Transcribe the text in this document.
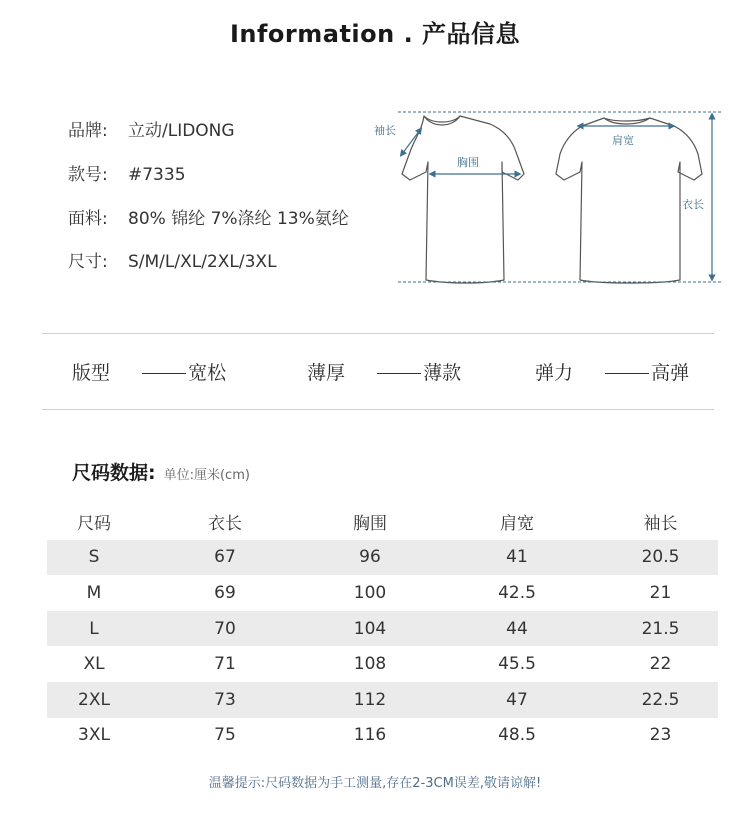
Information . 产品信息
品牌: 立动/LIDONG
款号: #7335
面料: 80% 锦纶 7%涤纶 13%氨纶
尺寸: S/M/L/XL/2XL/3XL
袖长
胸围
肩宽
衣长
版型	宽松	薄厚	薄款	弹力	高弹
尺码数据: 单位:厘米(cm)
尺码	衣长	胸围	肩宽	袖长
S	67	96	41	20.5
M	69	100	42.5	21
L	70	104	44	21.5
XL	71	108	45.5	22
2XL	73	112	47	22.5
3XL	75	116	48.5	23
温馨提示:尺码数据为手工测量,存在2-3CM误差,敬请谅解!
